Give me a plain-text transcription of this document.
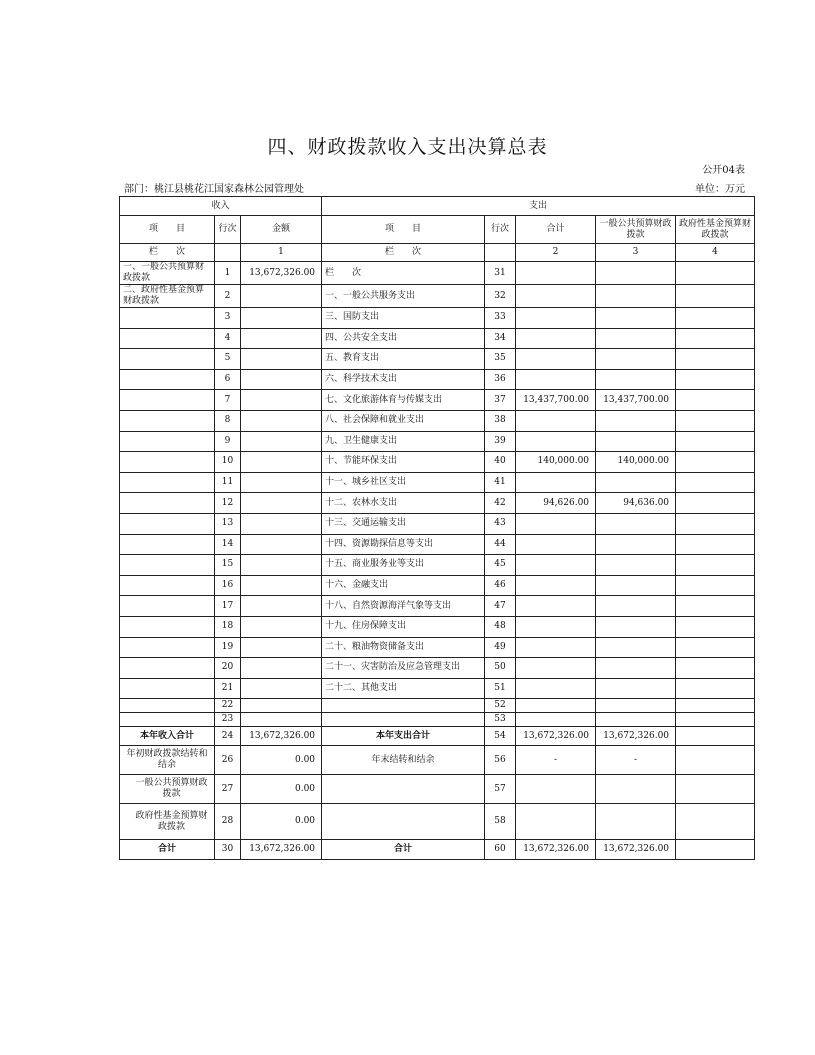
四、财政拨款收入支出决算总表
公开04表
部门：桃江县桃花江国家森林公园管理处	单位：万元
收入			支出				
项　　目	行次	金额	项　　目	行次	合计	一般公共预算财政拨款	政府性基金预算财政拨款
栏　　次		1	栏　　次		2	3	4
一、一般公共预算财政拨款	1	13,672,326.00	栏　　次	31			
二、政府性基金预算财政拨款	2		一、一般公共服务支出	32			
	3		三、国防支出	33			
	4		四、公共安全支出	34			
	5		五、教育支出	35			
	6		六、科学技术支出	36			
	7		七、文化旅游体育与传媒支出	37	13,437,700.00	13,437,700.00	
	8		八、社会保障和就业支出	38			
	9		九、卫生健康支出	39			
	10		十、节能环保支出	40	140,000.00	140,000.00	
	11		十一、城乡社区支出	41			
	12		十二、农林水支出	42	94,626.00	94,636.00	
	13		十三、交通运输支出	43			
	14		十四、资源勘探信息等支出	44			
	15		十五、商业服务业等支出	45			
	16		十六、金融支出	46			
	17		十八、自然资源海洋气象等支出	47			
	18		十九、住房保障支出	48			
	19		二十、粮油物资储备支出	49			
	20		二十一、灾害防治及应急管理支出	50			
	21		二十二、其他支出	51			
	22			52			
	23			53			
本年收入合计	24	13,672,326.00	本年支出合计	54	13,672,326.00	13,672,326.00	
年初财政拨款结转和结余	26	0.00	年末结转和结余	56	-	-	
一般公共预算财政拨款	27	0.00		57			
政府性基金预算财政拨款	28	0.00		58			
合计	30	13,672,326.00	合计	60	13,672,326.00	13,672,326.00	
